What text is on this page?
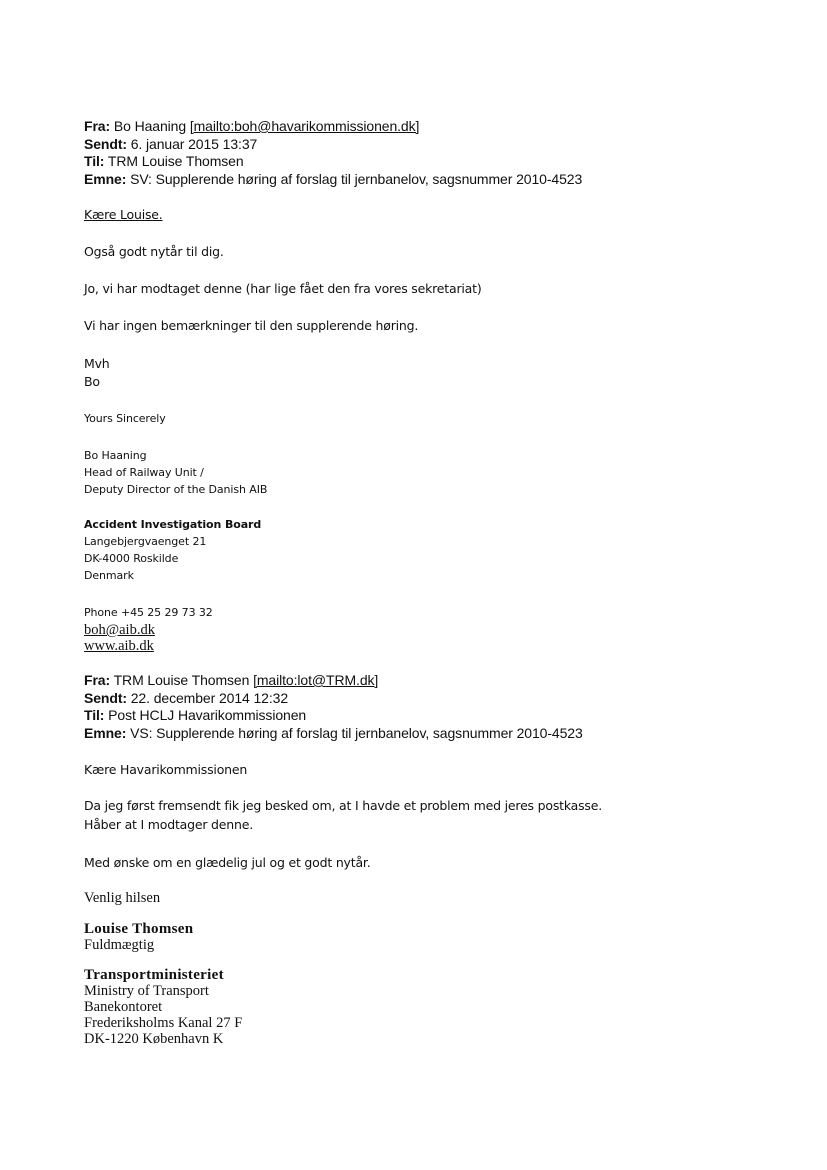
Fra: Bo Haaning [mailto:boh@havarikommissionen.dk]
Sendt: 6. januar 2015 13:37
Til: TRM Louise Thomsen
Emne: SV: Supplerende høring af forslag til jernbanelov, sagsnummer 2010-4523
Kære Louise.
Også godt nytår til dig.
Jo, vi har modtaget denne (har lige fået den fra vores sekretariat)
Vi har ingen bemærkninger til den supplerende høring.
Mvh
Bo
Yours Sincerely
Bo Haaning
Head of Railway Unit /
Deputy Director of the Danish AIB
Accident Investigation Board
Langebjergvaenget 21
DK-4000 Roskilde
Denmark
Phone +45 25 29 73 32
boh@aib.dk
www.aib.dk
Fra: TRM Louise Thomsen [mailto:lot@TRM.dk]
Sendt: 22. december 2014 12:32
Til: Post HCLJ Havarikommissionen
Emne: VS: Supplerende høring af forslag til jernbanelov, sagsnummer 2010-4523
Kære Havarikommissionen
Da jeg først fremsendt fik jeg besked om, at I havde et problem med jeres postkasse.
Håber at I modtager denne.
Med ønske om en glædelig jul og et godt nytår.
Venlig hilsen
Louise Thomsen
Fuldmægtig
Transportministeriet
Ministry of Transport
Banekontoret
Frederiksholms Kanal 27 F
DK-1220 København K
